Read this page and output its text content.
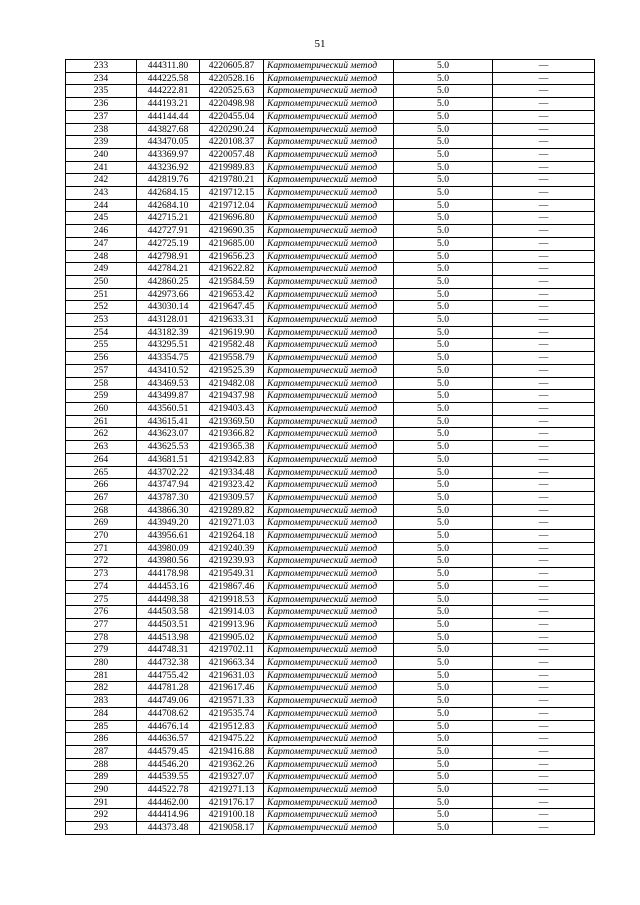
51
233	444311.80	4220605.87	Картометрический метод	5.0	—
234	444225.58	4220528.16	Картометрический метод	5.0	—
235	444222.81	4220525.63	Картометрический метод	5.0	—
236	444193.21	4220498.98	Картометрический метод	5.0	—
237	444144.44	4220455.04	Картометрический метод	5.0	—
238	443827.68	4220290.24	Картометрический метод	5.0	—
239	443470.05	4220108.37	Картометрический метод	5.0	—
240	443369.97	4220057.48	Картометрический метод	5.0	—
241	443236.92	4219989.83	Картометрический метод	5.0	—
242	442819.76	4219780.21	Картометрический метод	5.0	—
243	442684.15	4219712.15	Картометрический метод	5.0	—
244	442684.10	4219712.04	Картометрический метод	5.0	—
245	442715.21	4219696.80	Картометрический метод	5.0	—
246	442727.91	4219690.35	Картометрический метод	5.0	—
247	442725.19	4219685.00	Картометрический метод	5.0	—
248	442798.91	4219656.23	Картометрический метод	5.0	—
249	442784.21	4219622.82	Картометрический метод	5.0	—
250	442860.25	4219584.59	Картометрический метод	5.0	—
251	442973.66	4219653.42	Картометрический метод	5.0	—
252	443030.14	4219647.45	Картометрический метод	5.0	—
253	443128.01	4219633.31	Картометрический метод	5.0	—
254	443182.39	4219619.90	Картометрический метод	5.0	—
255	443295.51	4219582.48	Картометрический метод	5.0	—
256	443354.75	4219558.79	Картометрический метод	5.0	—
257	443410.52	4219525.39	Картометрический метод	5.0	—
258	443469.53	4219482.08	Картометрический метод	5.0	—
259	443499.87	4219437.98	Картометрический метод	5.0	—
260	443560.51	4219403.43	Картометрический метод	5.0	—
261	443615.41	4219369.50	Картометрический метод	5.0	—
262	443623.07	4219366.82	Картометрический метод	5.0	—
263	443625.53	4219365.38	Картометрический метод	5.0	—
264	443681.51	4219342.83	Картометрический метод	5.0	—
265	443702.22	4219334.48	Картометрический метод	5.0	—
266	443747.94	4219323.42	Картометрический метод	5.0	—
267	443787.30	4219309.57	Картометрический метод	5.0	—
268	443866.30	4219289.82	Картометрический метод	5.0	—
269	443949.20	4219271.03	Картометрический метод	5.0	—
270	443956.61	4219264.18	Картометрический метод	5.0	—
271	443980.09	4219240.39	Картометрический метод	5.0	—
272	443980.56	4219239.93	Картометрический метод	5.0	—
273	444178.98	4219549.31	Картометрический метод	5.0	—
274	444453.16	4219867.46	Картометрический метод	5.0	—
275	444498.38	4219918.53	Картометрический метод	5.0	—
276	444503.58	4219914.03	Картометрический метод	5.0	—
277	444503.51	4219913.96	Картометрический метод	5.0	—
278	444513.98	4219905.02	Картометрический метод	5.0	—
279	444748.31	4219702.11	Картометрический метод	5.0	—
280	444732.38	4219663.34	Картометрический метод	5.0	—
281	444755.42	4219631.03	Картометрический метод	5.0	—
282	444781.28	4219617.46	Картометрический метод	5.0	—
283	444749.06	4219571.33	Картометрический метод	5.0	—
284	444708.62	4219535.74	Картометрический метод	5.0	—
285	444676.14	4219512.83	Картометрический метод	5.0	—
286	444636.57	4219475.22	Картометрический метод	5.0	—
287	444579.45	4219416.88	Картометрический метод	5.0	—
288	444546.20	4219362.26	Картометрический метод	5.0	—
289	444539.55	4219327.07	Картометрический метод	5.0	—
290	444522.78	4219271.13	Картометрический метод	5.0	—
291	444462.00	4219176.17	Картометрический метод	5.0	—
292	444414.96	4219100.18	Картометрический метод	5.0	—
293	444373.48	4219058.17	Картометрический метод	5.0	—
